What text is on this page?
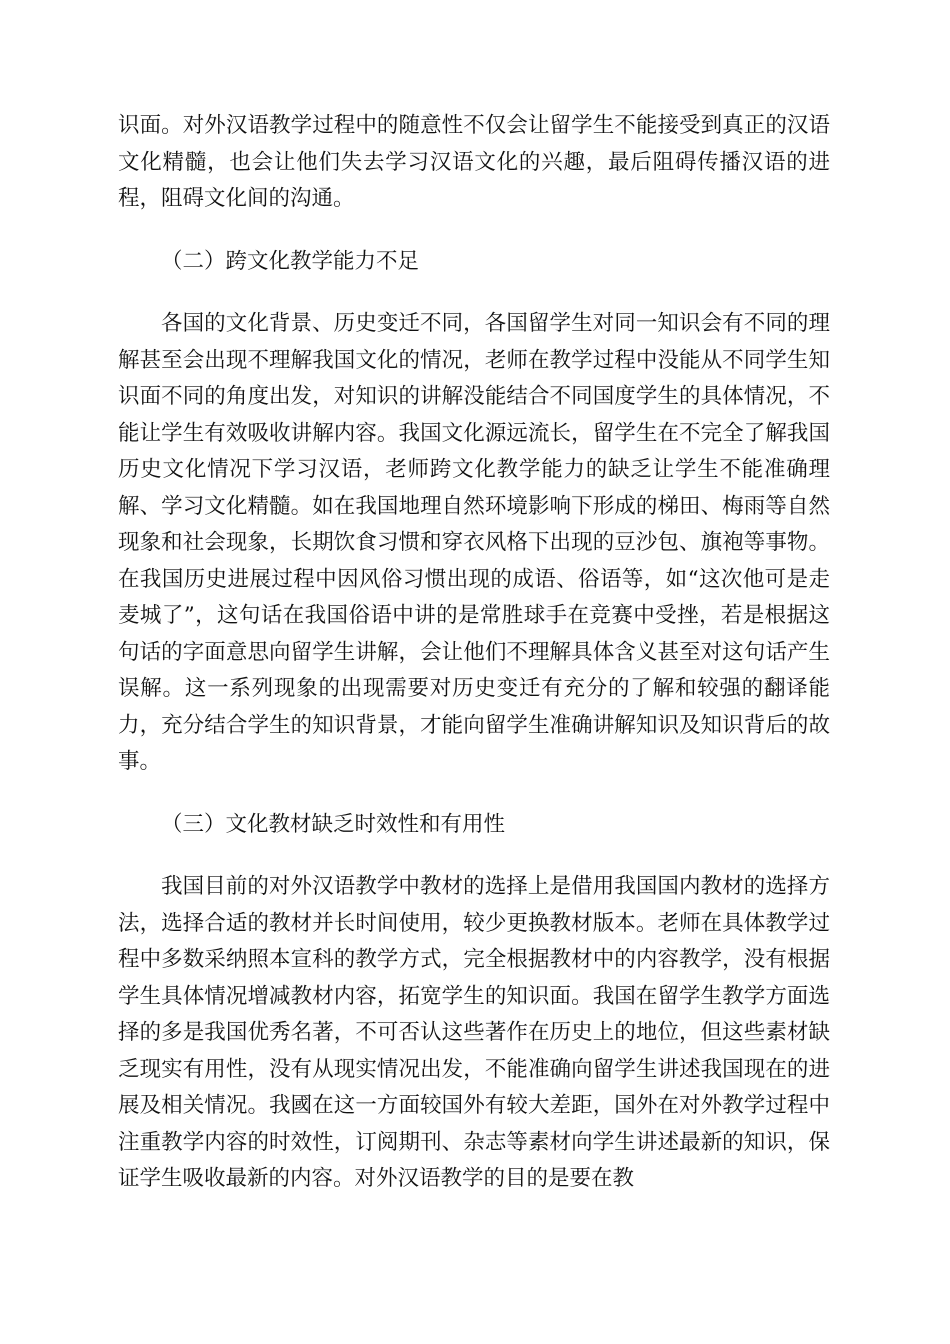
识面。对外汉语教学过程中的随意性不仅会让留学生不能接受到真正的汉语文化精髓，也会让他们失去学习汉语文化的兴趣，最后阻碍传播汉语的进程，阻碍文化间的沟通。

（二）跨文化教学能力不足

各国的文化背景、历史变迁不同，各国留学生对同一知识会有不同的理解甚至会出现不理解我国文化的情况，老师在教学过程中没能从不同学生知识面不同的角度出发，对知识的讲解没能结合不同国度学生的具体情况，不能让学生有效吸收讲解内容。我国文化源远流长，留学生在不完全了解我国历史文化情况下学习汉语，老师跨文化教学能力的缺乏让学生不能准确理解、学习文化精髓。如在我国地理自然环境影响下形成的梯田、梅雨等自然现象和社会现象，长期饮食习惯和穿衣风格下出现的豆沙包、旗袍等事物。在我国历史进展过程中因风俗习惯出现的成语、俗语等，如“这次他可是走麦城了”，这句话在我国俗语中讲的是常胜球手在竞赛中受挫，若是根据这句话的字面意思向留学生讲解，会让他们不理解具体含义甚至对这句话产生误解。这一系列现象的出现需要对历史变迁有充分的了解和较强的翻译能力，充分结合学生的知识背景，才能向留学生准确讲解知识及知识背后的故事。

（三）文化教材缺乏时效性和有用性

我国目前的对外汉语教学中教材的选择上是借用我国国内教材的选择方法，选择合适的教材并长时间使用，较少更换教材版本。老师在具体教学过程中多数采纳照本宣科的教学方式，完全根据教材中的内容教学，没有根据学生具体情况增减教材内容，拓宽学生的知识面。我国在留学生教学方面选择的多是我国优秀名著，不可否认这些著作在历史上的地位，但这些素材缺乏现实有用性，没有从现实情况出发，不能准确向留学生讲述我国现在的进展及相关情况。我國在这一方面较国外有较大差距，国外在对外教学过程中注重教学内容的时效性，订阅期刊、杂志等素材向学生讲述最新的知识，保证学生吸收最新的内容。对外汉语教学的目的是要在教
